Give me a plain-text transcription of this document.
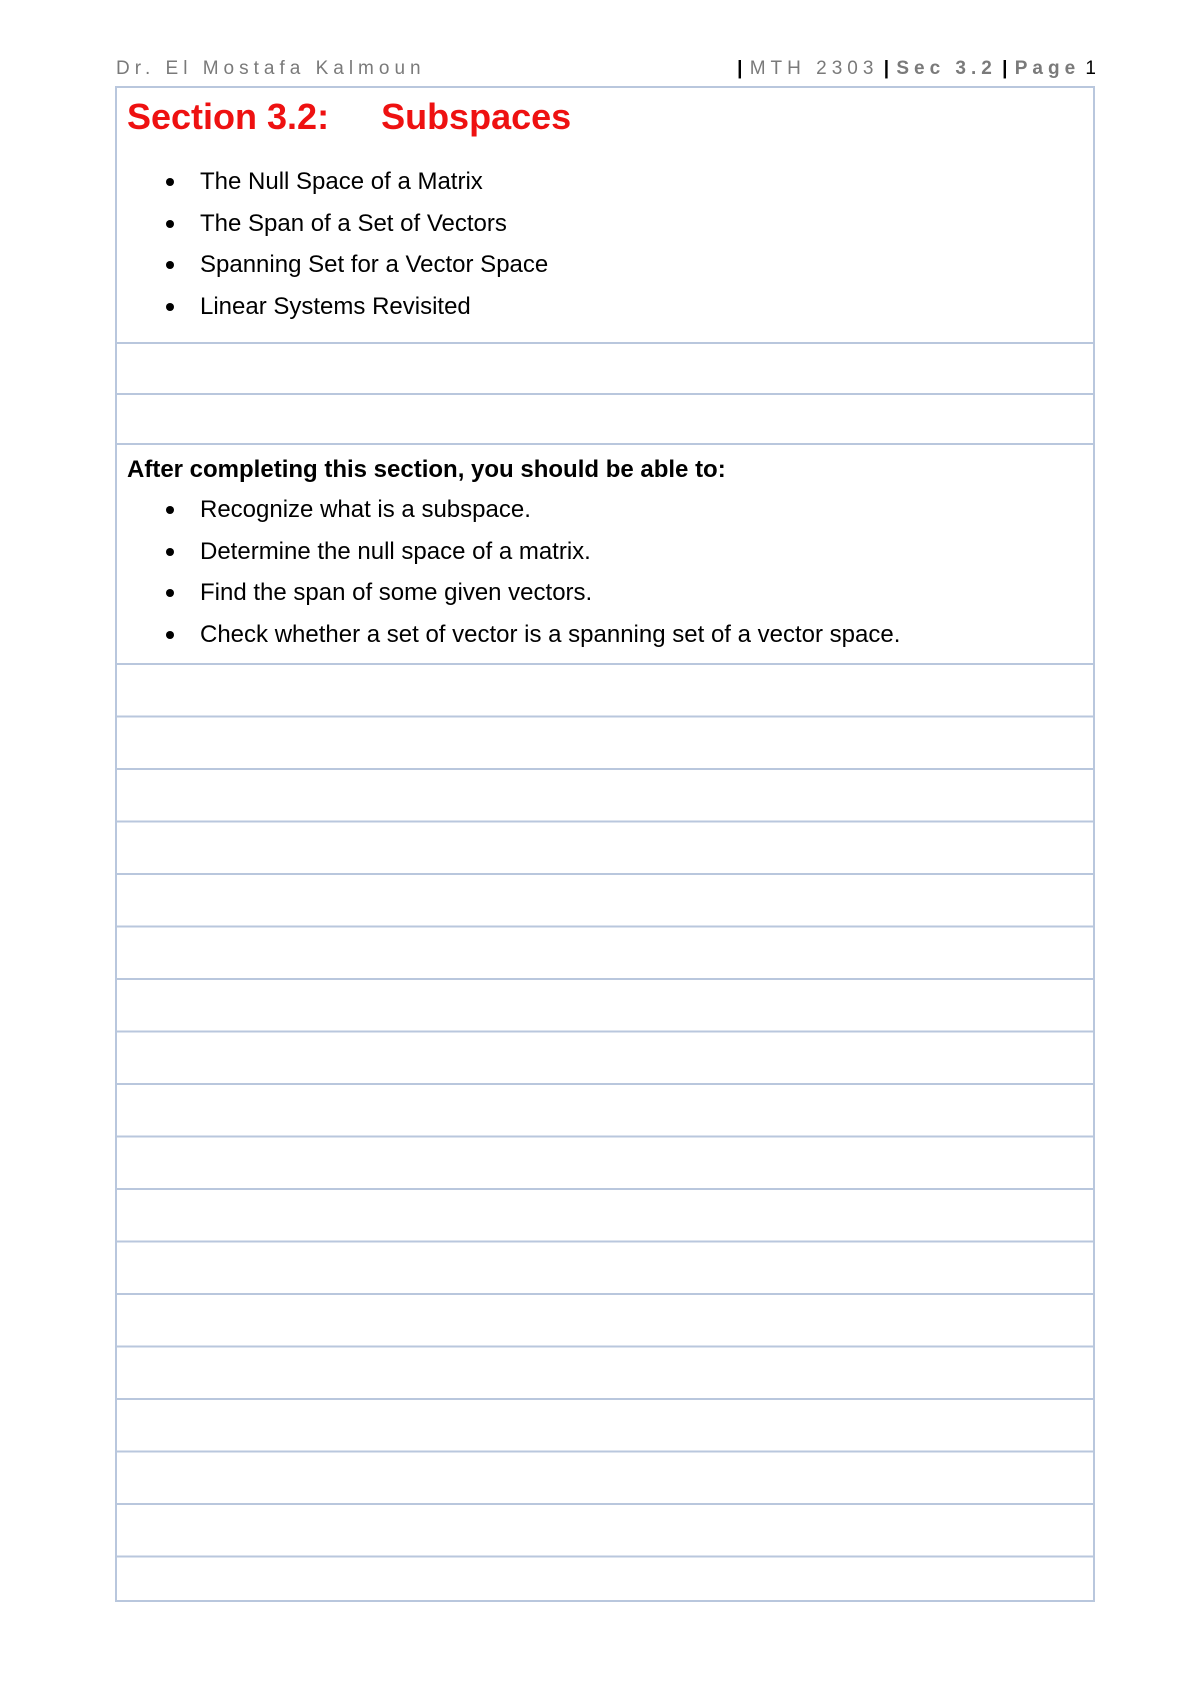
Dr. El Mostafa Kalmoun	| MTH 2303 | Sec 3.2 | Page 1
Section 3.2: Subspaces
The Null Space of a Matrix
The Span of a Set of Vectors
Spanning Set for a Vector Space
Linear Systems Revisited
After completing this section, you should be able to:
Recognize what is a subspace.
Determine the null space of a matrix.
Find the span of some given vectors.
Check whether a set of vector is a spanning set of a vector space.
